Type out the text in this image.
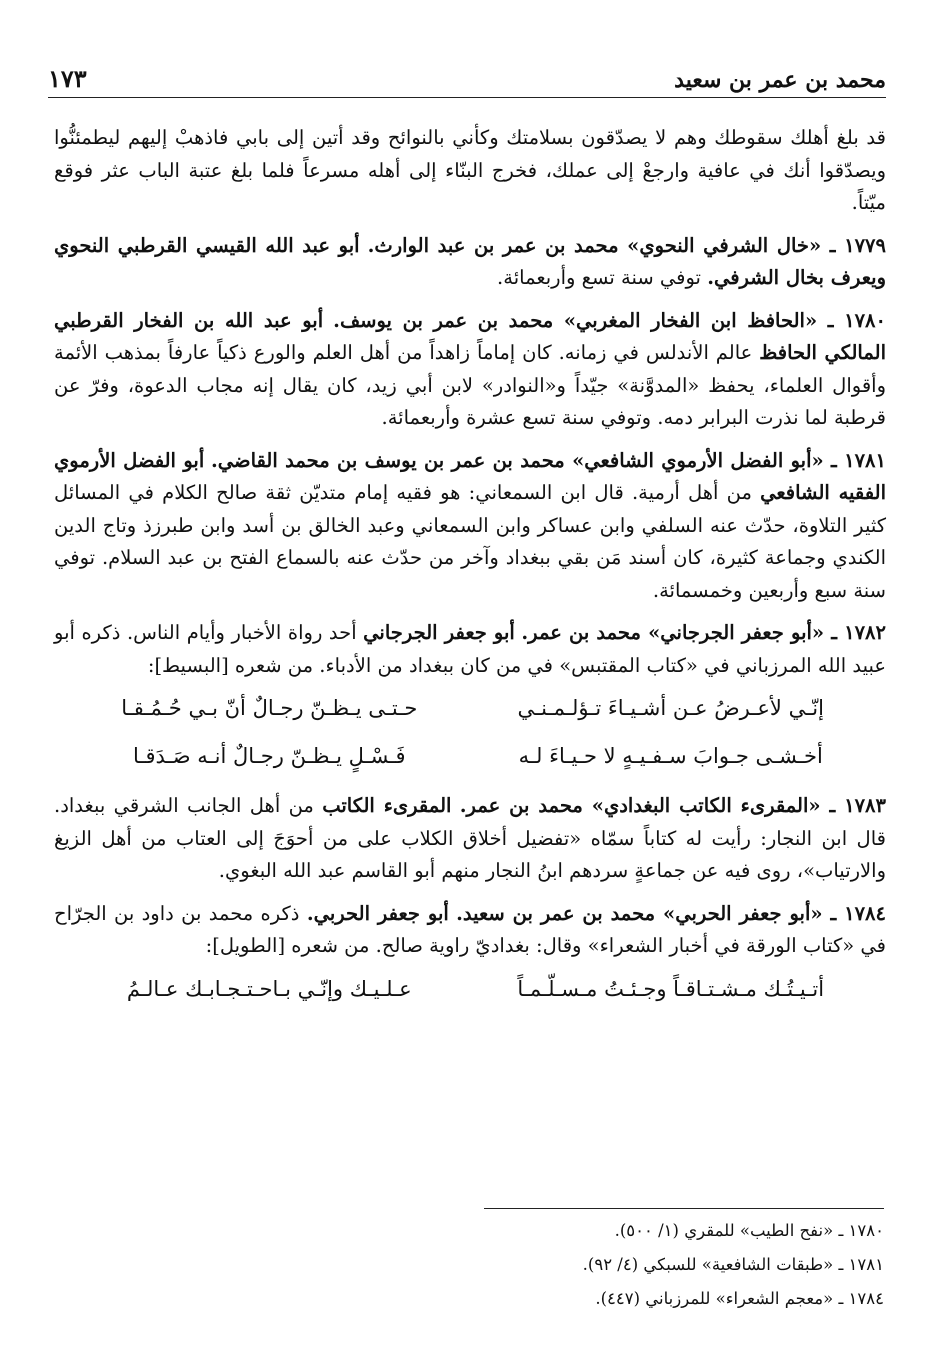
محمد بن عمر بن سعيد
١٧٣

قد بلغ أهلك سقوطك وهم لا يصدّقون بسلامتك وكأني بالنوائح وقد أتين إلى بابي فاذهبْ إليهم ليطمئنُّوا ويصدّقوا أنك في عافية وارجعْ إلى عملك، فخرج البنّاء إلى أهله مسرعاً فلما بلغ عتبة الباب عثر فوقع ميّتاً.

١٧٧٩ ـ «خال الشرفي النحوي» محمد بن عمر بن عبد الوارث. أبو عبد الله القيسي القرطبي النحوي ويعرف بخال الشرفي. توفي سنة تسع وأربعمائة.

١٧٨٠ ـ «الحافظ ابن الفخار المغربي» محمد بن عمر بن يوسف. أبو عبد الله بن الفخار القرطبي المالكي الحافظ عالم الأندلس في زمانه. كان إماماً زاهداً من أهل العلم والورع ذكياً عارفاً بمذهب الأئمة وأقوال العلماء، يحفظ «المدوَّنة» جيّداً و«النوادر» لابن أبي زيد، كان يقال إنه مجاب الدعوة، وفرّ عن قرطبة لما نذرت البرابر دمه. وتوفي سنة تسع عشرة وأربعمائة.

١٧٨١ ـ «أبو الفضل الأرموي الشافعي» محمد بن عمر بن يوسف بن محمد القاضي. أبو الفضل الأرموي الفقيه الشافعي من أهل أرمية. قال ابن السمعاني: هو فقيه إمام متديّن ثقة صالح الكلام في المسائل كثير التلاوة، حدّث عنه السلفي وابن عساكر وابن السمعاني وعبد الخالق بن أسد وابن طبرزذ وتاج الدين الكندي وجماعة كثيرة، كان أسند مَن بقي ببغداد وآخر من حدّث عنه بالسماع الفتح بن عبد السلام. توفي سنة سبع وأربعين وخمسمائة.

١٧٨٢ ـ «أبو جعفر الجرجاني» محمد بن عمر. أبو جعفر الجرجاني أحد رواة الأخبار وأيام الناس. ذكره أبو عبيد الله المرزباني في «كتاب المقتبس» في من كان ببغداد من الأدباء. من شعره [البسيط]:

إنّـي لأعـرضُ عـن أشـيـاءَ تـؤلـمـنـي
حـتـى يـظـنّ رجـالٌ أنّ بـي حُـمُـقـا
أخـشـى جـوابَ سـفـيـهٍ لا حـيـاءَ لـه
فَـسْـلٍ يـظـنّ رجـالٌ أنـه صَـدَقـا

١٧٨٣ ـ «المقرىء الكاتب البغدادي» محمد بن عمر. المقرىء الكاتب من أهل الجانب الشرقي ببغداد. قال ابن النجار: رأيت له كتاباً سمّاه «تفضيل أخلاق الكلاب على من أحوَجَ إلى العتاب من أهل الزيغ والارتياب»، روى فيه عن جماعةٍ سردهم ابنُ النجار منهم أبو القاسم عبد الله البغوي.

١٧٨٤ ـ «أبو جعفر الحربي» محمد بن عمر بن سعيد. أبو جعفر الحربي. ذكره محمد بن داود بن الجرّاح في «كتاب الورقة في أخبار الشعراء» وقال: بغداديّ راوية صالح. من شعره [الطويل]:

أتـيـتُـك مـشـتـاقـاً وجـئـتُ مـسـلّـمـاً
عـلـيـك وإنّـي بـاحـتـجـابـك عـالـمُ
١٧٨٠ ـ «نفح الطيب» للمقري (١/ ٥٠٠).
١٧٨١ ـ «طبقات الشافعية» للسبكي (٤/ ٩٢).
١٧٨٤ ـ «معجم الشعراء» للمرزباني (٤٤٧).
